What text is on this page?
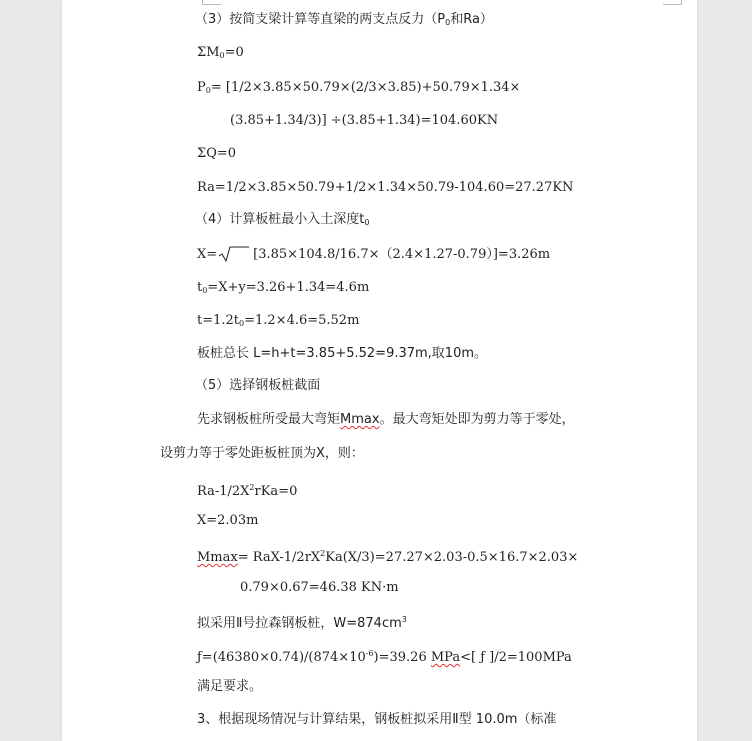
（3）按简支梁计算等直梁的两支点反力（$P_0$和Ra）
$\Sigma M_0=0$
$P_0= [1/2\times 3.85\times 50.79\times(2/3\times 3.85)+50.79\times 1.34\times$
(3.85+1.34/3)] ÷(3.85+1.34)=104.60KN
ΣQ=0
Ra=1/2×3.85×50.79+1/2×1.34×50.79-104.60=27.27KN
（4）计算板桩最小入土深度$t_0$
X=	[3.85×104.8/16.7×（2.4×1.27-0.79）]=3.26m
$t_0=X+y=3.26+1.34=4.6m$
$t=1.2t_0=1.2\times 4.6=5.52m$
板桩总长 L=h+t=3.85+5.52=9.37m,取10m。
（5）选择钢板桩截面
先求钢板桩所受最大弯矩Mmax。最大弯矩处即为剪力等于零处，
设剪力等于零处距板桩顶为X，则：
$Ra-1/2X^2rKa=0$
X=2.03m
Mmax= RaX-$1/2rX^2Ka(X/3)=27.27\times 2.03-0.5\times 16.7\times 2.03\times$
0.79×0.67=46.38 KN·m
拟采用Ⅱ号拉森钢板桩，$W=874cm^3$
$ƒ=(46380\times 0.74)/(874\times 10^{-6})=39.26$ MPa<[ ƒ ]/2=100MPa
满足要求。
3、根据现场情况与计算结果，钢板桩拟采用Ⅱ型 10.0m（标准
